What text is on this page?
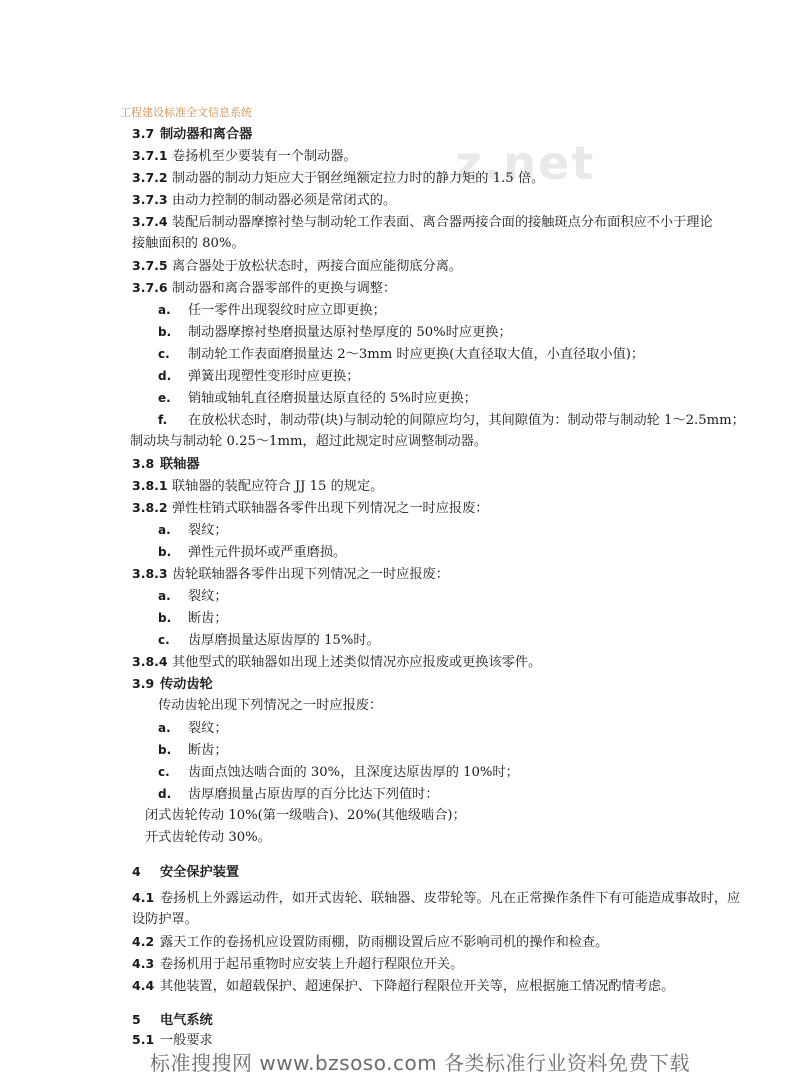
工程建设标准全文信息系统
z.net
3.7 制动器和离合器
3.7.1 卷扬机至少要装有一个制动器。
3.7.2 制动器的制动力矩应大于钢丝绳额定拉力时的静力矩的 1.5 倍。
3.7.3 由动力控制的制动器必须是常闭式的。
3.7.4 装配后制动器摩擦衬垫与制动轮工作表面、离合器两接合面的接触斑点分布面积应不小于理论
接触面积的 80%。
3.7.5 离合器处于放松状态时，两接合面应能彻底分离。
3.7.6 制动器和离合器零部件的更换与调整：
a. 任一零件出现裂纹时应立即更换；
b. 制动器摩擦衬垫磨损量达原衬垫厚度的 50%时应更换；
c. 制动轮工作表面磨损量达 2～3mm 时应更换(大直径取大值，小直径取小值)；
d. 弹簧出现塑性变形时应更换；
e. 销轴或轴轧直径磨损量达原直径的 5%时应更换；
f. 在放松状态时，制动带(块)与制动轮的间隙应均匀，其间隙值为：制动带与制动轮 1～2.5mm；
制动块与制动轮 0.25～1mm，超过此规定时应调整制动器。
3.8 联轴器
3.8.1 联轴器的装配应符合 JJ 15 的规定。
3.8.2 弹性柱销式联轴器各零件出现下列情况之一时应报废：
a. 裂纹；
b. 弹性元件损坏或严重磨损。
3.8.3 齿轮联轴器各零件出现下列情况之一时应报废：
a. 裂纹；
b. 断齿；
c. 齿厚磨损量达原齿厚的 15%时。
3.8.4 其他型式的联轴器如出现上述类似情况亦应报废或更换该零件。
3.9 传动齿轮
传动齿轮出现下列情况之一时应报废：
a. 裂纹；
b. 断齿；
c. 齿面点蚀达啮合面的 30%，且深度达原齿厚的 10%时；
d. 齿厚磨损量占原齿厚的百分比达下列值时：
闭式齿轮传动 10%(第一级啮合)、20%(其他级啮合)；
开式齿轮传动 30%。
4 安全保护装置
4.1 卷扬机上外露运动件，如开式齿轮、联轴器、皮带轮等。凡在正常操作条件下有可能造成事故时，应
设防护罩。
4.2 露天工作的卷扬机应设置防雨棚，防雨棚设置后应不影响司机的操作和检查。
4.3 卷扬机用于起吊重物时应安装上升超行程限位开关。
4.4 其他装置，如超载保护、超速保护、下降超行程限位开关等，应根据施工情况酌情考虑。
5 电气系统
5.1 一般要求
标准搜搜网 www.bzsoso.com 各类标准行业资料免费下载
